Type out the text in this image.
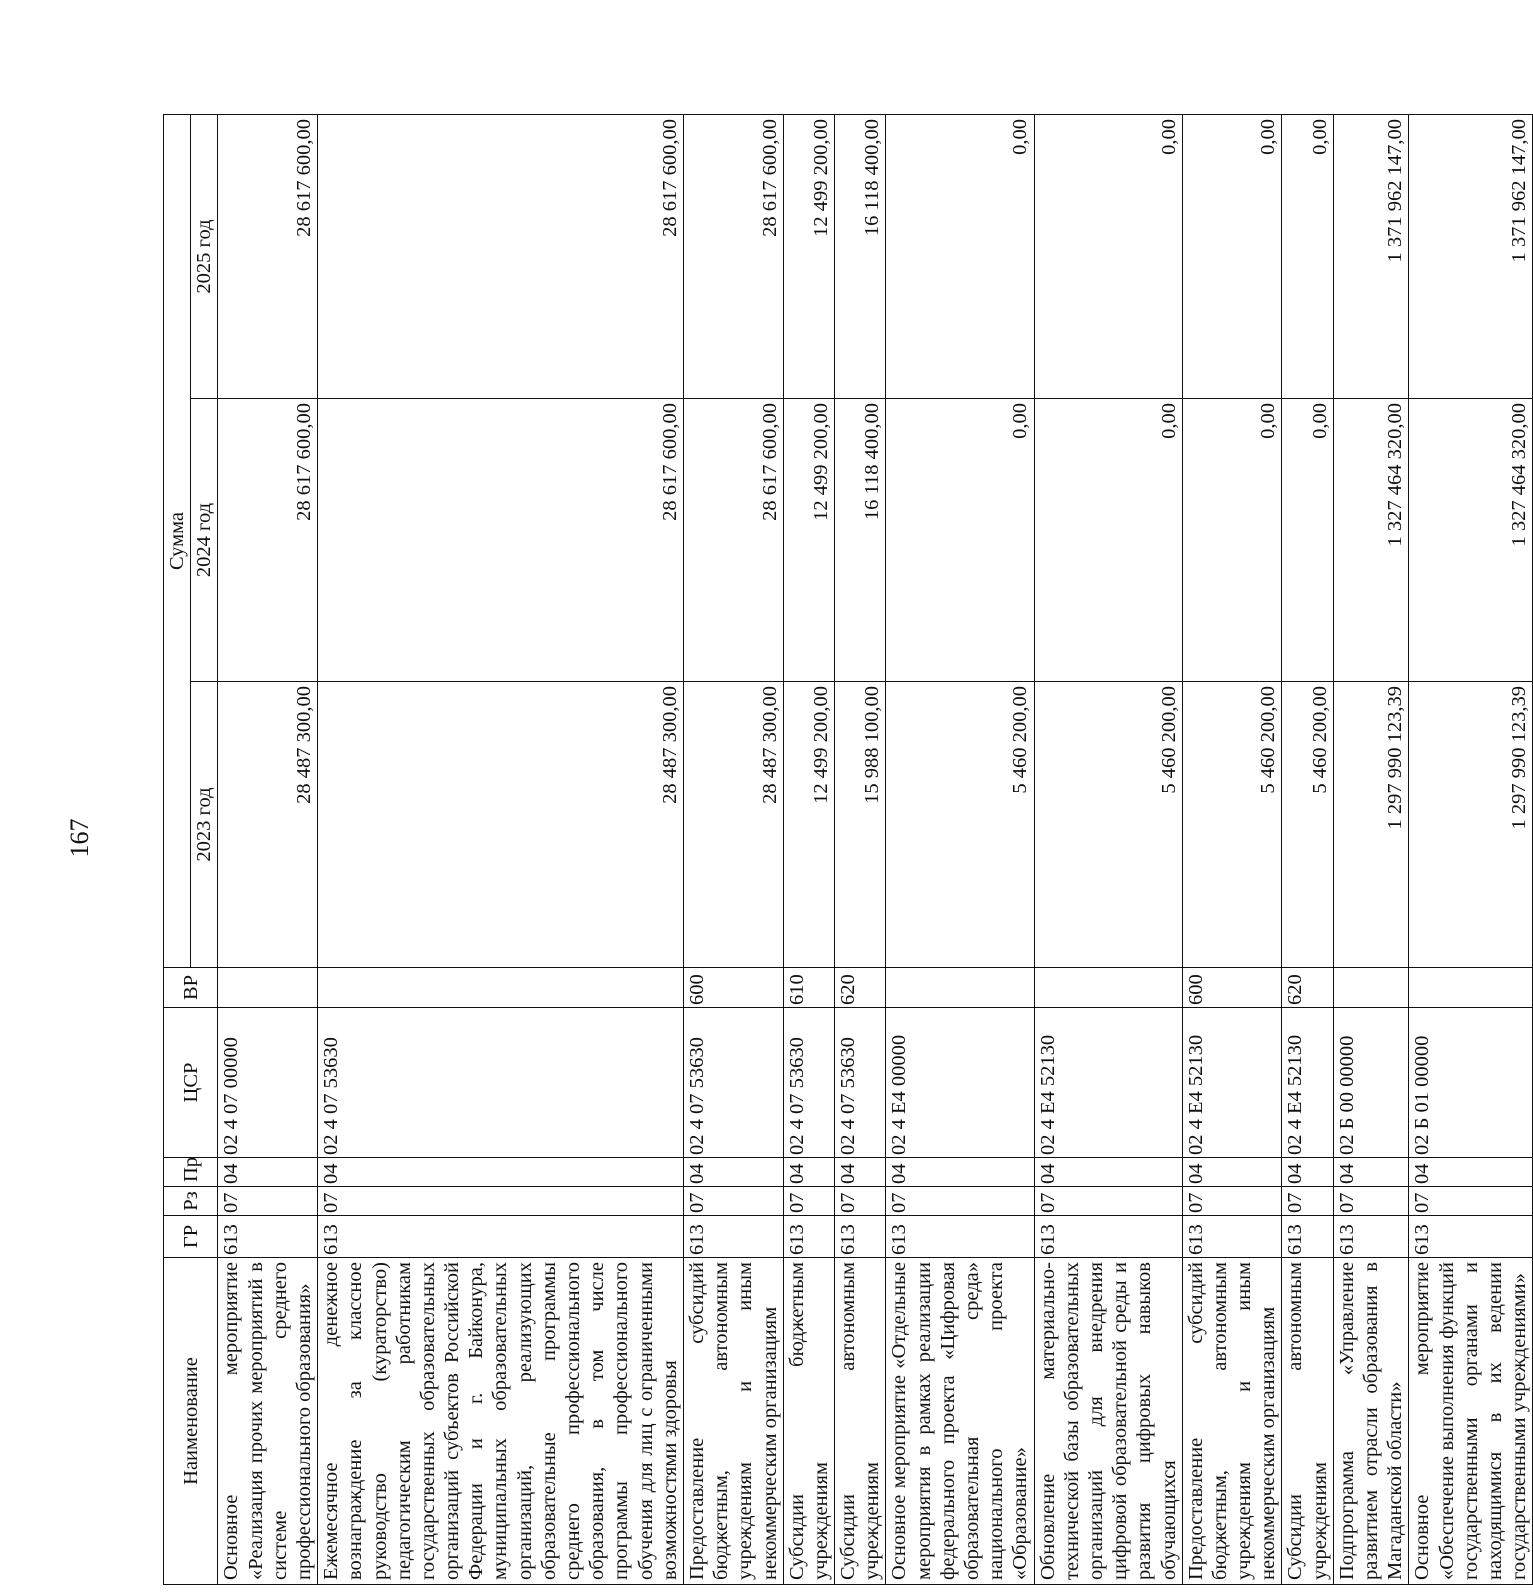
167
Наименование	ГР	Рз	Пр	ЦСР	ВР	Сумма		
						2023 год	2024 год	2025 год
Основное мероприятие «Реализация прочих мероприятий в системе среднего профессионального образования»	613	07	04	02 4 07 00000		28 487 300,00	28 617 600,00	28 617 600,00
Ежемесячное денежное вознаграждение за классное руководство (кураторство) педагогическим работникам государственных образовательных организаций субъектов Российской Федерации и г. Байконура, муниципальных образовательных организаций, реализующих образовательные программы среднего профессионального образования, в том числе программы профессионального обучения для лиц с ограниченными возможностями здоровья	613	07	04	02 4 07 53630		28 487 300,00	28 617 600,00	28 617 600,00
Предоставление субсидий бюджетным, автономным учреждениям и иным некоммерческим организациям	613	07	04	02 4 07 53630	600	28 487 300,00	28 617 600,00	28 617 600,00
Субсидии бюджетным учреждениям	613	07	04	02 4 07 53630	610	12 499 200,00	12 499 200,00	12 499 200,00
Субсидии автономным учреждениям	613	07	04	02 4 07 53630	620	15 988 100,00	16 118 400,00	16 118 400,00
Основное мероприятие «Отдельные мероприятия в рамках реализации федерального проекта «Цифровая образовательная среда» национального проекта «Образование»	613	07	04	02 4 E4 00000		5 460 200,00	0,00	0,00
Обновление материально-технической базы образовательных организаций для внедрения цифровой образовательной среды и развития цифровых навыков обучающихся	613	07	04	02 4 E4 52130		5 460 200,00	0,00	0,00
Предоставление субсидий бюджетным, автономным учреждениям и иным некоммерческим организациям	613	07	04	02 4 E4 52130	600	5 460 200,00	0,00	0,00
Субсидии автономным учреждениям	613	07	04	02 4 E4 52130	620	5 460 200,00	0,00	0,00
Подпрограмма «Управление развитием отрасли образования в Магаданской области»	613	07	04	02 Б 00 00000		1 297 990 123,39	1 327 464 320,00	1 371 962 147,00
Основное мероприятие «Обеспечение выполнения функций государственными органами и находящимися в их ведении государственными учреждениями»	613	07	04	02 Б 01 00000		1 297 990 123,39	1 327 464 320,00	1 371 962 147,00
